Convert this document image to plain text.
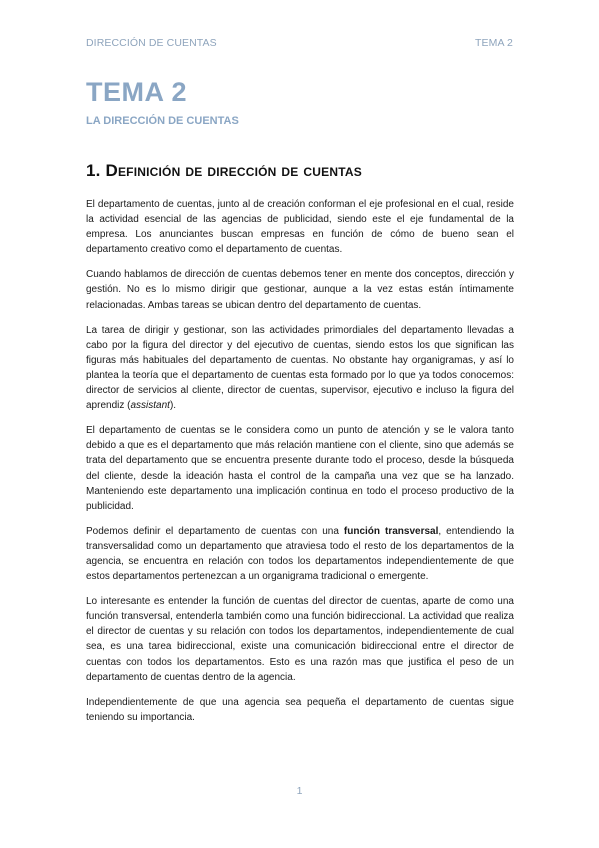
DIRECCIÓN DE CUENTAS	TEMA 2
TEMA 2
LA DIRECCIÓN DE CUENTAS
1. Definición de dirección de cuentas

El departamento de cuentas, junto al de creación conforman el eje profesional en el cual, reside la actividad esencial de las agencias de publicidad, siendo este el eje fundamental de la empresa. Los anunciantes buscan empresas en función de cómo de bueno sean el departamento creativo como el departamento de cuentas.

Cuando hablamos de dirección de cuentas debemos tener en mente dos conceptos, dirección y gestión. No es lo mismo dirigir que gestionar, aunque a la vez estas están íntimamente relacionadas. Ambas tareas se ubican dentro del departamento de cuentas.

La tarea de dirigir y gestionar, son las actividades primordiales del departamento llevadas a cabo por la figura del director y del ejecutivo de cuentas, siendo estos los que significan las figuras más habituales del departamento de cuentas. No obstante hay organigramas, y así lo plantea la teoría que el departamento de cuentas esta formado por lo que ya todos conocemos: director de servicios al cliente, director de cuentas, supervisor, ejecutivo e incluso la figura del aprendiz (assistant).

El departamento de cuentas se le considera como un punto de atención y se le valora tanto debido a que es el departamento que más relación mantiene con el cliente, sino que además se trata del departamento que se encuentra presente durante todo el proceso, desde la búsqueda del cliente, desde la ideación hasta el control de la campaña una vez que se ha lanzado. Manteniendo este departamento una implicación continua en todo el proceso productivo de la publicidad.

Podemos definir el departamento de cuentas con una función transversal, entendiendo la transversalidad como un departamento que atraviesa todo el resto de los departamentos de la agencia, se encuentra en relación con todos los departamentos independientemente de que estos departamentos pertenezcan a un organigrama tradicional o emergente.

Lo interesante es entender la función de cuentas del director de cuentas, aparte de como una función transversal, entenderla también como una función bidireccional. La actividad que realiza el director de cuentas y su relación con todos los departamentos, independientemente de cual sea, es una tarea bidireccional, existe una comunicación bidireccional entre el director de cuentas con todos los departamentos. Esto es una razón mas que justifica el peso de un departamento de cuentas dentro de la agencia.

Independientemente de que una agencia sea pequeña el departamento de cuentas sigue teniendo su importancia.

1
